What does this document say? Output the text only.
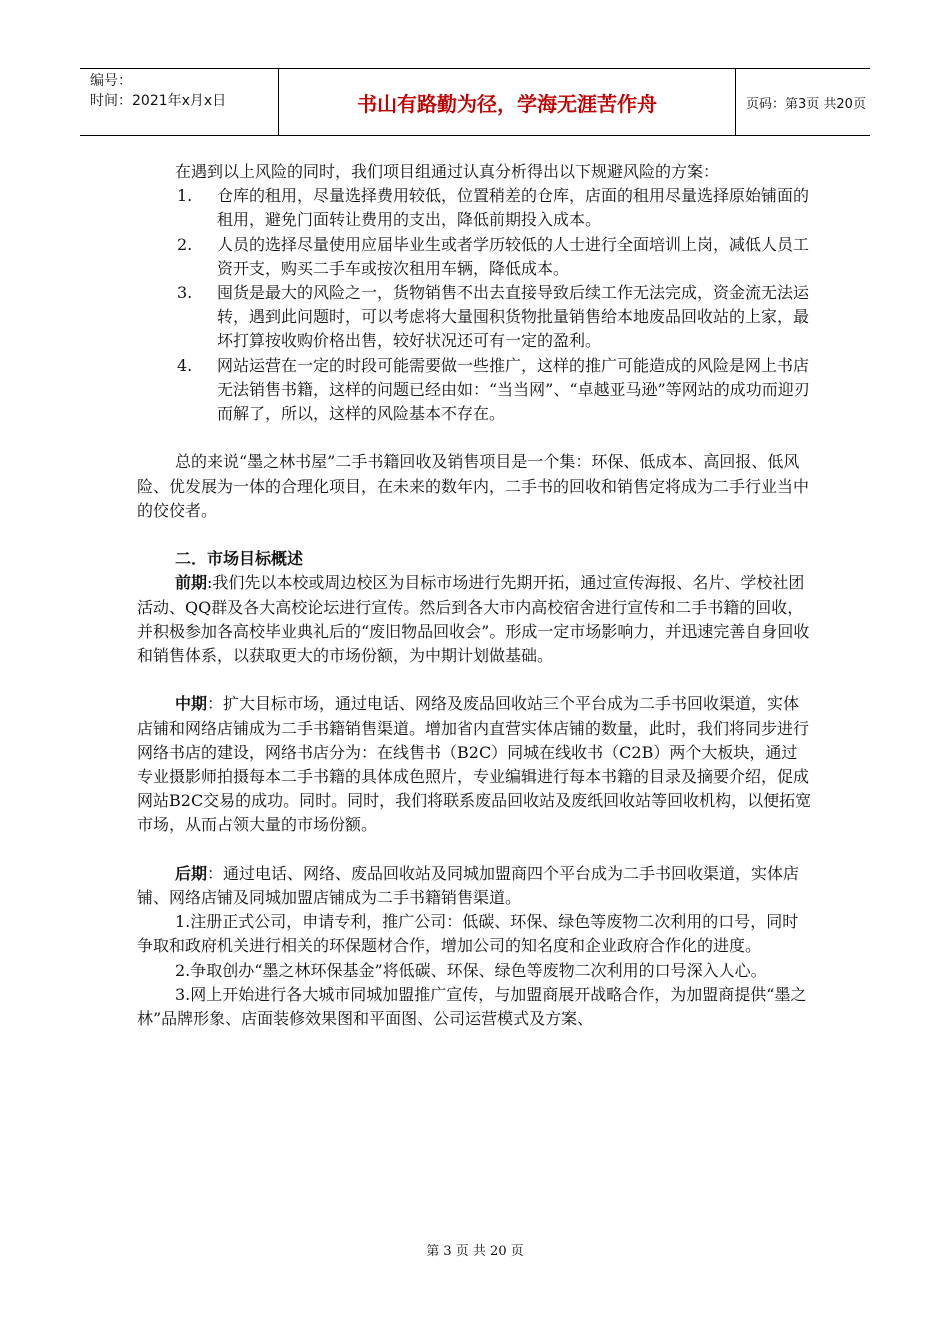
编号：
时间：2021年x月x日	书山有路勤为径，学海无涯苦作舟	页码：第3页 共20页

在遇到以上风险的同时，我们项目组通过认真分析得出以下规避风险的方案：

1.	仓库的租用，尽量选择费用较低，位置稍差的仓库，店面的租用尽量选择原始铺面的租用，避免门面转让费用的支出，降低前期投入成本。
2.	人员的选择尽量使用应届毕业生或者学历较低的人士进行全面培训上岗，减低人员工资开支，购买二手车或按次租用车辆，降低成本。
3.	囤货是最大的风险之一，货物销售不出去直接导致后续工作无法完成，资金流无法运转，遇到此问题时，可以考虑将大量囤积货物批量销售给本地废品回收站的上家，最坏打算按收购价格出售，较好状况还可有一定的盈利。
4.	网站运营在一定的时段可能需要做一些推广，这样的推广可能造成的风险是网上书店无法销售书籍，这样的问题已经由如：“当当网”、“卓越亚马逊”等网站的成功而迎刃而解了，所以，这样的风险基本不存在。

总的来说“墨之林书屋”二手书籍回收及销售项目是一个集：环保、低成本、高回报、低风险、优发展为一体的合理化项目，在未来的数年内，二手书的回收和销售定将成为二手行业当中的佼佼者。

二．市场目标概述

前期:我们先以本校或周边校区为目标市场进行先期开拓，通过宣传海报、名片、学校社团活动、QQ群及各大高校论坛进行宣传。然后到各大市内高校宿舍进行宣传和二手书籍的回收，并积极参加各高校毕业典礼后的“废旧物品回收会”。形成一定市场影响力，并迅速完善自身回收和销售体系，以获取更大的市场份额，为中期计划做基础。

中期：扩大目标市场，通过电话、网络及废品回收站三个平台成为二手书回收渠道，实体店铺和网络店铺成为二手书籍销售渠道。增加省内直营实体店铺的数量，此时，我们将同步进行网络书店的建设，网络书店分为：在线售书（B2C）同城在线收书（C2B）两个大板块，通过专业摄影师拍摄每本二手书籍的具体成色照片，专业编辑进行每本书籍的目录及摘要介绍，促成网站B2C交易的成功。同时。同时，我们将联系废品回收站及废纸回收站等回收机构，以便拓宽市场，从而占领大量的市场份额。

后期：通过电话、网络、废品回收站及同城加盟商四个平台成为二手书回收渠道，实体店铺、网络店铺及同城加盟店铺成为二手书籍销售渠道。

1.注册正式公司，申请专利，推广公司：低碳、环保、绿色等废物二次利用的口号，同时争取和政府机关进行相关的环保题材合作，增加公司的知名度和企业政府合作化的进度。

2.争取创办“墨之林环保基金”将低碳、环保、绿色等废物二次利用的口号深入人心。

3.网上开始进行各大城市同城加盟推广宣传，与加盟商展开战略合作，为加盟商提供“墨之林”品牌形象、店面装修效果图和平面图、公司运营模式及方案、

第 3 页 共 20 页
